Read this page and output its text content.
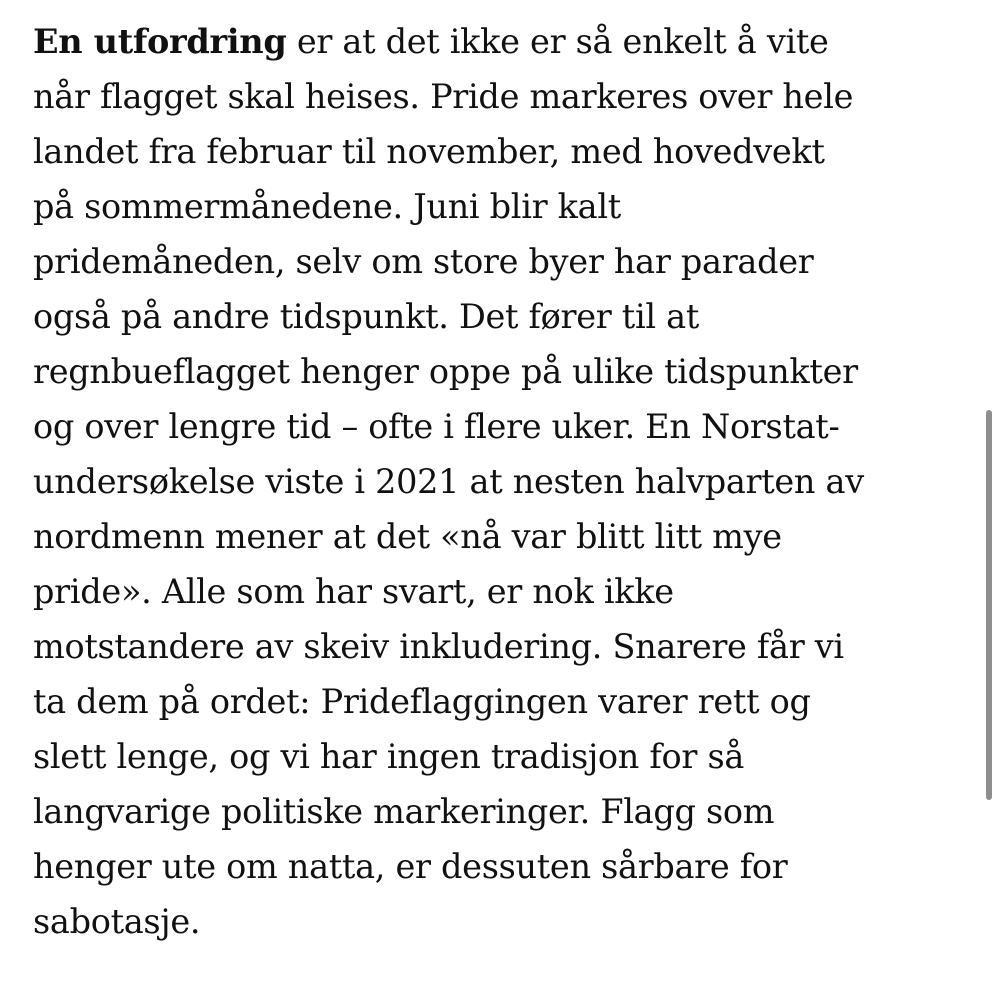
En utfordring er at det ikke er så enkelt å vite
når flagget skal heises. Pride markeres over hele
landet fra februar til november, med hovedvekt
på sommermånedene. Juni blir kalt
pridemåneden, selv om store byer har parader
også på andre tidspunkt. Det fører til at
regnbueflagget henger oppe på ulike tidspunkter
og over lengre tid – ofte i flere uker. En Norstat-
undersøkelse viste i 2021 at nesten halvparten av
nordmenn mener at det «nå var blitt litt mye
pride». Alle som har svart, er nok ikke
motstandere av skeiv inkludering. Snarere får vi
ta dem på ordet: Prideflaggingen varer rett og
slett lenge, og vi har ingen tradisjon for så
langvarige politiske markeringer. Flagg som
henger ute om natta, er dessuten sårbare for
sabotasje.
